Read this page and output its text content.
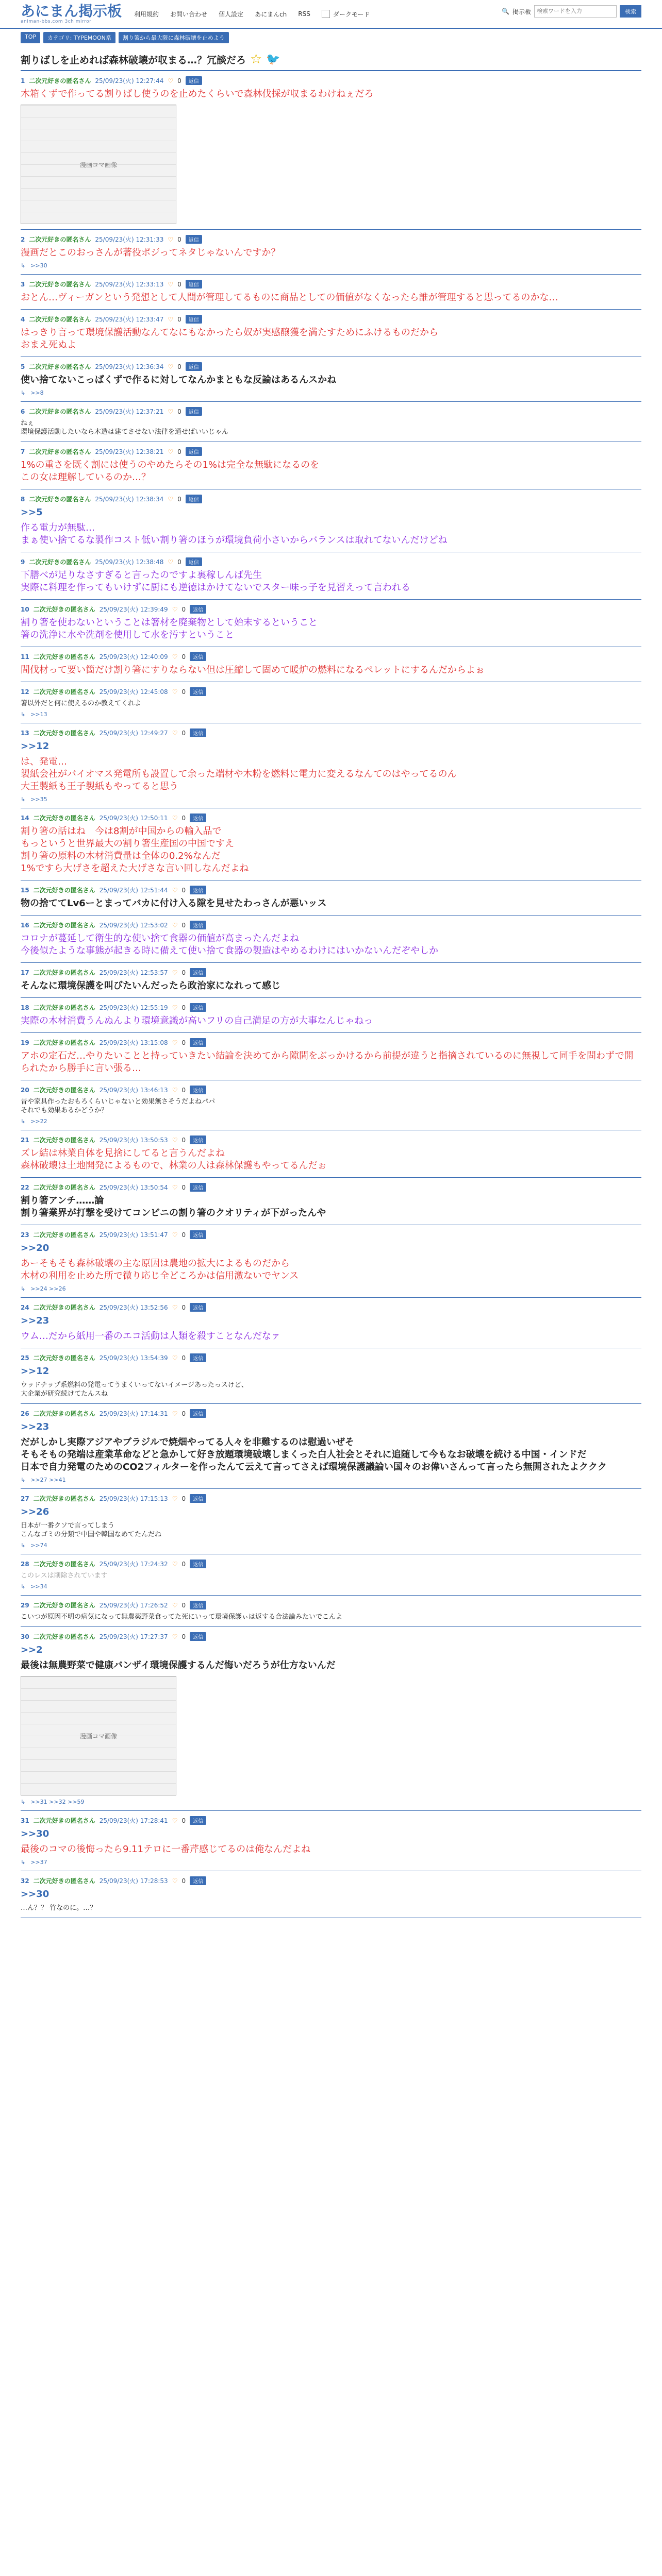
あにまん掲示板
animan-bbs.com 3ch mirror
利用規約 お問い合わせ 個人設定 あにまんch RSS	ダークモード	🔍 掲示板
検索ワードを入力	検索
TOP	カテゴリ: TYPEMOON系	割り箸から最大限に森林破壊を止めよう
割りばしを止めれば森林破壊が収まる…？冗談だろ ☆ 🐦
1 二次元好きの匿名さん 25/09/23(火) 12:27:44 ♡ 0	返信
木箱くずで作ってる割りばし使うのを止めたくらいで森林伐採が収まるわけねぇだろ
漫画コマ画像
2 二次元好きの匿名さん 25/09/23(火) 12:31:33 ♡ 0	返信
漫画だとこのおっさんが著役ポジってネタじゃないんですか？
↳ >>30
3 二次元好きの匿名さん 25/09/23(火) 12:33:13 ♡ 0	返信
おとん…ヴィーガンという発想として人間が管理してるものに商品としての価値がなくなったら誰が管理すると思ってるのかな…
4 二次元好きの匿名さん 25/09/23(火) 12:33:47 ♡ 0	返信
はっきり言って環境保護活動なんてなにもなかったら奴が実感醸獲を満たすためにふけるものだから
おまえ死ぬよ
5 二次元好きの匿名さん 25/09/23(火) 12:36:34 ♡ 0	返信
使い捨てないこっぱくずで作るに対してなんかまともな反論はあるんスかね
↳ >>8
6 二次元好きの匿名さん 25/09/23(火) 12:37:21 ♡ 0	返信
ねぇ
環境保護活動したいなら木造は建てさせない法律を通せばいいじゃん
7 二次元好きの匿名さん 25/09/23(火) 12:38:21 ♡ 0	返信
1%の重さを既く割には使うのやめたらその1%は完全な無駄になるのを
この女は理解しているのか…？
8 二次元好きの匿名さん 25/09/23(火) 12:38:34 ♡ 0	返信
>>5
作る電力が無駄…
まぁ使い捨てるな製作コスト低い割り箸のほうが環境負荷小さいからバランスは取れてないんだけどね
9 二次元好きの匿名さん 25/09/23(火) 12:38:48 ♡ 0	返信
下膳べが足りなさすぎると言ったのですよ裏稼しんば先生
実際に料理を作ってもいけずに厨にも逆徳はかけてないでスター味っ子を見習えって言われる
10 二次元好きの匿名さん 25/09/23(火) 12:39:49 ♡ 0	返信
割り箸を使わないということは箸材を廃棄物として始末するということ
箸の洗浄に水や洗剤を使用して水を汚すということ
11 二次元好きの匿名さん 25/09/23(火) 12:40:09 ♡ 0	返信
間伐材って要い箇だけ割り箸にすりならない但は圧縮して固めて暖炉の燃料になるペレットにするんだからよぉ
12 二次元好きの匿名さん 25/09/23(火) 12:45:08 ♡ 0	返信
箸以外だと何に使えるのか教えてくれよ
↳ >>13
13 二次元好きの匿名さん 25/09/23(火) 12:49:27 ♡ 0	返信
>>12
は、発電…
製紙会社がバイオマス発電所も設置して余った端材や木粉を燃料に電力に変えるなんてのはやってるのん
大王製紙も王子製紙もやってると思う
↳ >>35
14 二次元好きの匿名さん 25/09/23(火) 12:50:11 ♡ 0	返信
割り箸の話はね　今は8割が中国からの輸入品で
もっというと世界最大の割り箸生産国の中国ですえ
割り箸の原料の木材消費量は全体の0.2%なんだ
1%ですら大げさを超えた大げさな言い回しなんだよね
15 二次元好きの匿名さん 25/09/23(火) 12:51:44 ♡ 0	返信
物の捨ててLv6ーとまってバカに付け入る隙を見せたわっさんが悪いッス
16 二次元好きの匿名さん 25/09/23(火) 12:53:02 ♡ 0	返信
コロナが蔓延して衛生的な使い捨て食器の価値が高まったんだよね
今後似たような事態が起きる時に備えて使い捨て食器の製造はやめるわけにはいかないんだぞやしか
17 二次元好きの匿名さん 25/09/23(火) 12:53:57 ♡ 0	返信
そんなに環境保護を叫びたいんだったら政治家になれって感じ
18 二次元好きの匿名さん 25/09/23(火) 12:55:19 ♡ 0	返信
実際の木材消費うんぬんより環境意識が高いフリの自己満足の方が大事なんじゃねっ
19 二次元好きの匿名さん 25/09/23(火) 13:15:08 ♡ 0	返信
アホの定石だ…やりたいことと持っていきたい結論を決めてから隙間をぶっかけるから前提が違うと指摘されているのに無視して同手を問わずで開られたから勝手に言い張る…
20 二次元好きの匿名さん 25/09/23(火) 13:46:13 ♡ 0	返信
昔や家具作ったおもろくらいじゃないと効果無さそうだよねパパ
それでも効果あるかどうか？
↳ >>22
21 二次元好きの匿名さん 25/09/23(火) 13:50:53 ♡ 0	返信
ズレ結は林業自体を見捨にしてると言うんだよね
森林破壊は土地開発によるもので、林業の人は森林保護もやってるんだぉ
22 二次元好きの匿名さん 25/09/23(火) 13:50:54 ♡ 0	返信
割り箸アンチ……論
割り箸業界が打撃を受けてコンビニの割り箸のクオリティが下がったんや
23 二次元好きの匿名さん 25/09/23(火) 13:51:47 ♡ 0	返信
>>20
あーそもそも森林破壊の主な原因は農地の拡大によるものだから
木材の利用を止めた所で微り応じ全どころかは信用激ないでヤンス
↳ >>24 >>26
24 二次元好きの匿名さん 25/09/23(火) 13:52:56 ♡ 0	返信
>>23
ウム…だから紙用一番のエコ活動は人類を殺すことなんだなァ
25 二次元好きの匿名さん 25/09/23(火) 13:54:39 ♡ 0	返信
>>12
ウッドチップ系燃料の発電ってうまくいってないイメージあったっスけど、
大企業が研究続けてたんスね
26 二次元好きの匿名さん 25/09/23(火) 17:14:31 ♡ 0	返信
>>23
だがしかし実際アジアやブラジルで焼畑やってる人々を非難するのは慰過いぜそ
そもそもの発端は産業革命などと急かして好き放題環境破壊しまくった白人社会とそれに追随して今もなお破壊を続ける中国・インドだ
日本で自力発電のためのCO2フィルターを作ったんて云えて言ってさえば環境保護議論い国々のお偉いさんって言ったら無開されたよククク
↳ >>27 >>41
27 二次元好きの匿名さん 25/09/23(火) 17:15:13 ♡ 0	返信
>>26
日本が一番クソで言ってしまう
こんなゴミの分類で中国や韓国なめてたんだね
↳ >>74
28 二次元好きの匿名さん 25/09/23(火) 17:24:32 ♡ 0	返信
このレスは削除されています
↳ >>34
29 二次元好きの匿名さん 25/09/23(火) 17:26:52 ♡ 0	返信
こいつが原因不明の病気になって無農薬野菜食ってた死にいって環境保護ぃは返する合法論みたいでこんよ
30 二次元好きの匿名さん 25/09/23(火) 17:27:37 ♡ 0	返信
>>2
最後は無農野菜で健康バンザイ環境保護するんだ悔いだろうが仕方ないんだ
漫画コマ画像
↳ >>31 >>32 >>59
31 二次元好きの匿名さん 25/09/23(火) 17:28:41 ♡ 0	返信
>>30
最後のコマの後悔ったら9.11テロに一番芹感じてるのは俺なんだよね
↳ >>37
32 二次元好きの匿名さん 25/09/23(火) 17:28:53 ♡ 0	返信
>>30
…ん？？ 竹なのに。…？
